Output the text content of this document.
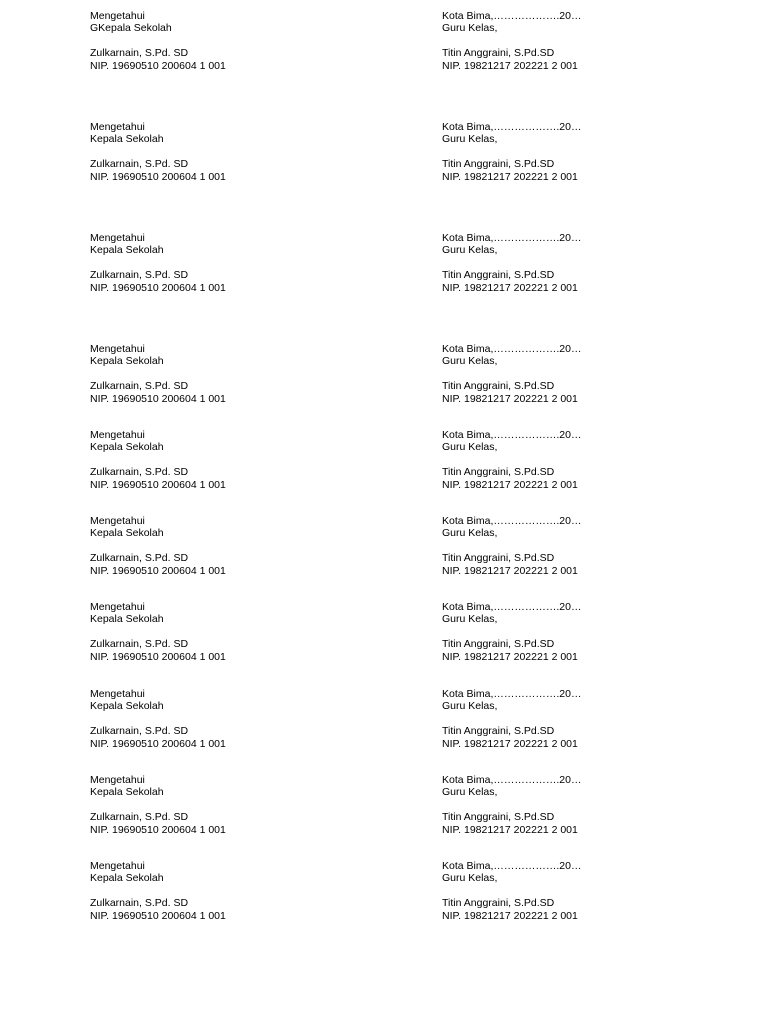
Mengetahui
GKepala Sekolah
Zulkarnain, S.Pd. SD
NIP. 19690510 200604 1 001
Kota Bima,……………….20…
Guru Kelas,
Titin Anggraini, S.Pd.SD
NIP. 19821217 202221 2 001
Mengetahui
Kepala Sekolah
Zulkarnain, S.Pd. SD
NIP. 19690510 200604 1 001
Kota Bima,……………….20…
Guru Kelas,
Titin Anggraini, S.Pd.SD
NIP. 19821217 202221 2 001
Mengetahui
Kepala Sekolah
Zulkarnain, S.Pd. SD
NIP. 19690510 200604 1 001
Kota Bima,……………….20…
Guru Kelas,
Titin Anggraini, S.Pd.SD
NIP. 19821217 202221 2 001
Mengetahui
Kepala Sekolah
Zulkarnain, S.Pd. SD
NIP. 19690510 200604 1 001
Kota Bima,……………….20…
Guru Kelas,
Titin Anggraini, S.Pd.SD
NIP. 19821217 202221 2 001
Mengetahui
Kepala Sekolah
Zulkarnain, S.Pd. SD
NIP. 19690510 200604 1 001
Kota Bima,……………….20…
Guru Kelas,
Titin Anggraini, S.Pd.SD
NIP. 19821217 202221 2 001
Mengetahui
Kepala Sekolah
Zulkarnain, S.Pd. SD
NIP. 19690510 200604 1 001
Kota Bima,……………….20…
Guru Kelas,
Titin Anggraini, S.Pd.SD
NIP. 19821217 202221 2 001
Mengetahui
Kepala Sekolah
Zulkarnain, S.Pd. SD
NIP. 19690510 200604 1 001
Kota Bima,……………….20…
Guru Kelas,
Titin Anggraini, S.Pd.SD
NIP. 19821217 202221 2 001
Mengetahui
Kepala Sekolah
Zulkarnain, S.Pd. SD
NIP. 19690510 200604 1 001
Kota Bima,……………….20…
Guru Kelas,
Titin Anggraini, S.Pd.SD
NIP. 19821217 202221 2 001
Mengetahui
Kepala Sekolah
Zulkarnain, S.Pd. SD
NIP. 19690510 200604 1 001
Kota Bima,……………….20…
Guru Kelas,
Titin Anggraini, S.Pd.SD
NIP. 19821217 202221 2 001
Mengetahui
Kepala Sekolah
Zulkarnain, S.Pd. SD
NIP. 19690510 200604 1 001
Kota Bima,……………….20…
Guru Kelas,
Titin Anggraini, S.Pd.SD
NIP. 19821217 202221 2 001
